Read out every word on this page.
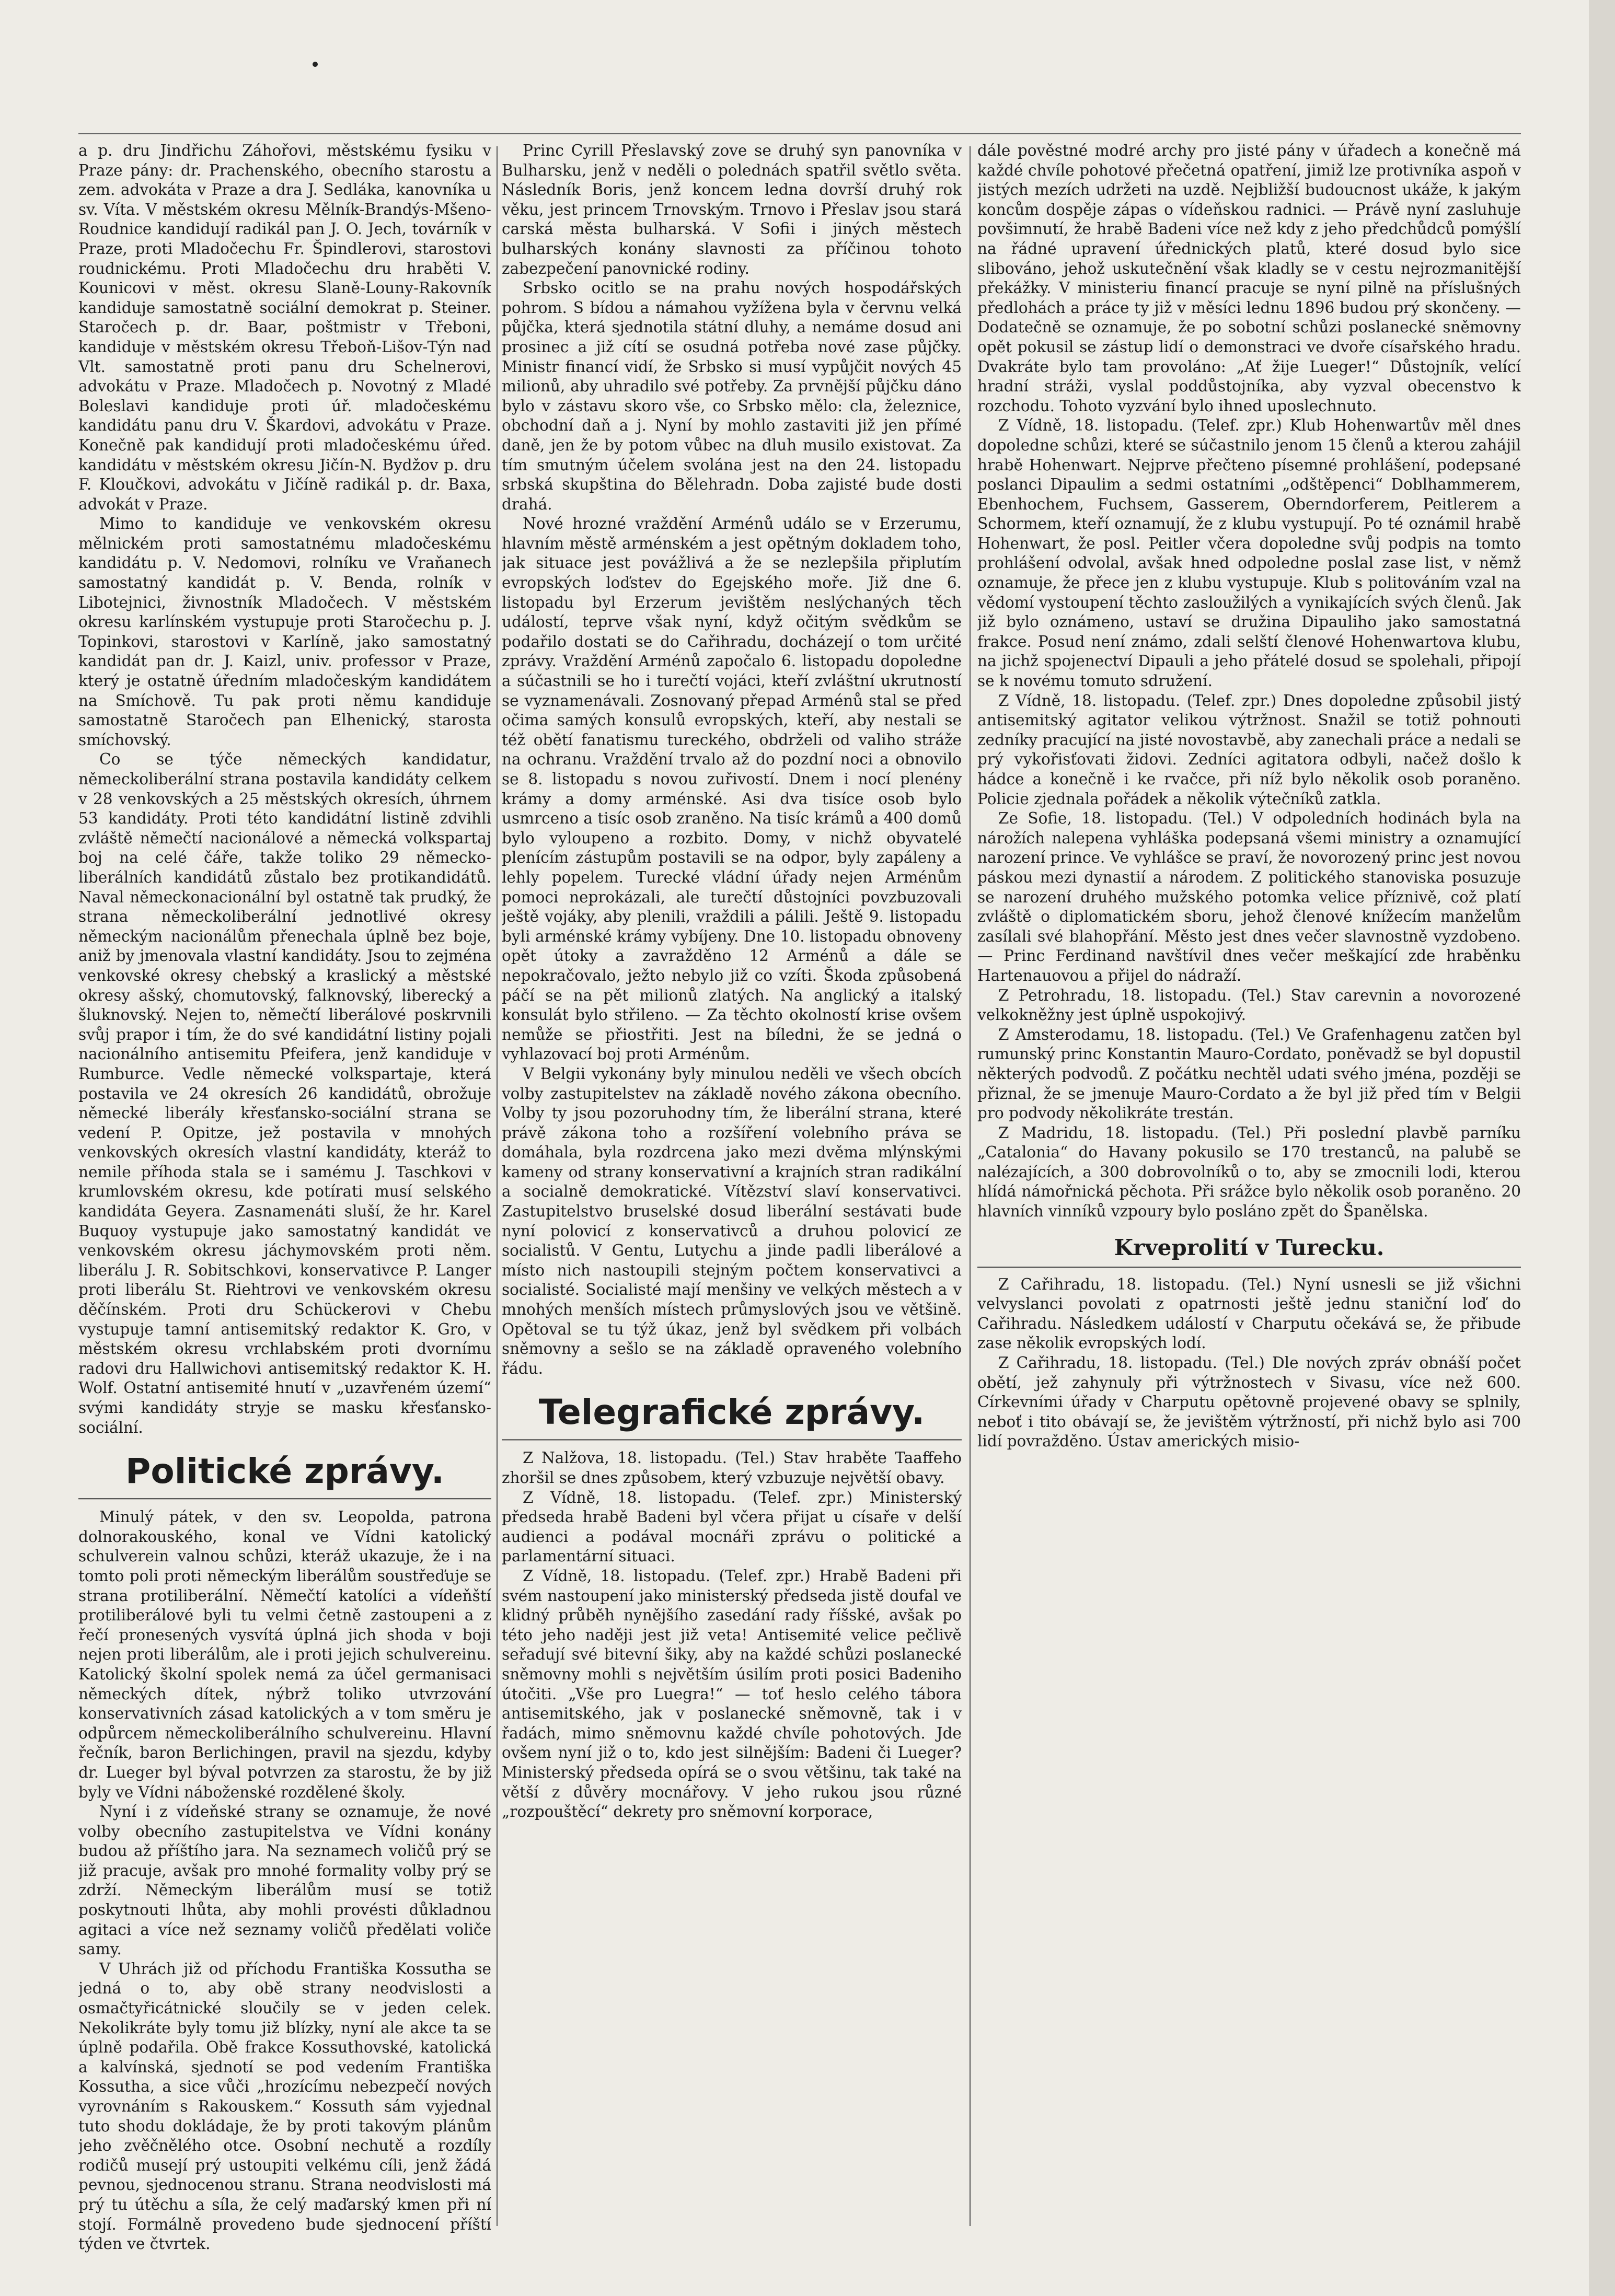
a p. dru Jindřichu Záhořovi, městskému fysiku v Praze pány: dr. Prachenského, obecního starostu a zem. advokáta v Praze a dra J. Sedláka, kanovníka u sv. Víta. V městském okresu Mělník-Brandýs-Mšeno-Roudnice kandidují radikál pan J. O. Jech, továrník v Praze, proti Mladočechu Fr. Špindlerovi, starostovi roudnickému. Proti Mladočechu dru hraběti V. Kounicovi v měst. okresu Slaně-Louny-Rakovník kandiduje samostatně sociální demokrat p. Steiner. Staročech p. dr. Baar, poštmistr v Třeboni, kandiduje v městském okresu Třeboň-Lišov-Týn nad Vlt. samostatně proti panu dru Schelnerovi, advokátu v Praze. Mladočech p. Novotný z Mladé Boleslavi kandiduje proti úř. mladočeskému kandidátu panu dru V. Škardovi, advokátu v Praze. Konečně pak kandidují proti mladočeskému úřed. kandidátu v městském okresu Jičín-N. Bydžov p. dru F. Kloučkovi, advokátu v Jičíně radikál p. dr. Baxa, advokát v Praze.

Mimo to kandiduje ve venkovském okresu mělnickém proti samostatnému mladočeskému kandidátu p. V. Nedomovi, rolníku ve Vraňanech samostatný kandidát p. V. Benda, rolník v Libotejnici, živnostník Mladočech. V městském okresu karlínském vystupuje proti Staročechu p. J. Topinkovi, starostovi v Karlíně, jako samostatný kandidát pan dr. J. Kaizl, univ. professor v Praze, který je ostatně úředním mladočeským kandidátem na Smíchově. Tu pak proti němu kandiduje samostatně Staročech pan Elhenický, starosta smíchovský.

Co se týče německých kandidatur, německoliberální strana postavila kandidáty celkem v 28 venkovských a 25 městských okresích, úhrnem 53 kandidáty. Proti této kandidátní listině zdvihli zvláště němečtí nacionálové a německá volkspartaj boj na celé čáře, takže toliko 29 německo-liberálních kandidátů zůstalo bez protikandidátů. Naval německonacionální byl ostatně tak prudký, že strana německoliberální jednotlivé okresy německým nacionálům přenechala úplně bez boje, aniž by jmenovala vlastní kandidáty. Jsou to zejména venkovské okresy chebský a kraslický a městské okresy ašský, chomutovský, falknovský, liberecký a šluknovský. Nejen to, němečtí liberálové poskrvnili svůj prapor i tím, že do své kandidátní listiny pojali nacionálního antisemitu Pfeifera, jenž kandiduje v Rumburce. Vedle německé volkspartaje, která postavila ve 24 okresích 26 kandidátů, obrožuje německé liberály křesťansko-sociální strana se vedení P. Opitze, jež postavila v mnohých venkovských okresích vlastní kandidáty, kteráž to nemile příhoda stala se i samému J. Taschkovi v krumlovském okresu, kde potírati musí selského kandidáta Geyera. Zasnamenáti sluší, že hr. Karel Buquoy vystupuje jako samostatný kandidát ve venkovském okresu jáchymovském proti něm. liberálu J. R. Sobitschkovi, konservativce P. Langer proti liberálu St. Riehtrovi ve venkovském okresu děčínském. Proti dru Schückerovi v Chebu vystupuje tamní antisemitský redaktor K. Gro, v městském okresu vrchlabském proti dvornímu radovi dru Hallwichovi antisemitský redaktor K. H. Wolf. Ostatní antisemité hnutí v „uzavřeném území“ svými kandidáty stryje se masku křesťansko-sociální.

Politické zprávy.

Minulý pátek, v den sv. Leopolda, patrona dolnorakouského, konal ve Vídni katolický schulverein valnou schůzi, kteráž ukazuje, že i na tomto poli proti německým liberálům soustřeďuje se strana protiliberální. Němečtí katolíci a vídeňští protiliberálové byli tu velmi četně zastoupeni a z řečí pronesených vysvítá úplná jich shoda v boji nejen proti liberálům, ale i proti jejich schulvereinu. Katolický školní spolek nemá za účel germanisaci německých dítek, nýbrž toliko utvrzování konservativních zásad katolických a v tom směru je odpůrcem německoliberálního schulvereinu. Hlavní řečník, baron Berlichingen, pravil na sjezdu, kdyby dr. Lueger byl býval potvrzen za starostu, že by již byly ve Vídni náboženské rozdělené školy.

Nyní i z vídeňské strany se oznamuje, že nové volby obecního zastupitelstva ve Vídni konány budou až příštího jara. Na seznamech voličů prý se již pracuje, avšak pro mnohé formality volby prý se zdrží. Německým liberálům musí se totiž poskytnouti lhůta, aby mohli provésti důkladnou agitaci a více než seznamy voličů předělati voliče samy.

V Uhrách již od příchodu Františka Kossutha se jedná o to, aby obě strany neodvislosti a osmačtyřicátnické sloučily se v jeden celek. Nekolikráte byly tomu již blízky, nyní ale akce ta se úplně podařila. Obě frakce Kossuthovské, katolická a kalvínská, sjednotí se pod vedením Františka Kossutha, a sice vůči „hrozícímu nebezpečí nových vyrovnáním s Rakouskem.“ Kossuth sám vyjednal tuto shodu dokládaje, že by proti takovým plánům jeho zvěčnělého otce. Osobní nechutě a rozdíly rodičů musejí prý ustoupiti velkému cíli, jenž žádá pevnou, sjednocenou stranu. Strana neodvislosti má prý tu útěchu a síla, že celý maďarský kmen při ní stojí. Formálně provedeno bude sjednocení příští týden ve čtvrtek.

Princ Cyrill Přeslavský zove se druhý syn panovníka v Bulharsku, jenž v neděli o polednách spatřil světlo světa. Následník Boris, jenž koncem ledna dovrší druhý rok věku, jest princem Trnovským. Trnovo i Přeslav jsou stará carská města bulharská. V Sofii i jiných městech bulharských konány slavnosti za příčinou tohoto zabezpečení panovnické rodiny.

Srbsko ocitlo se na prahu nových hospodářských pohrom. S bídou a námahou vyžížena byla v červnu velká půjčka, která sjednotila státní dluhy, a nemáme dosud ani prosinec a již cítí se osudná potřeba nové zase půjčky. Ministr financí vidí, že Srbsko si musí vypůjčit nových 45 milionů, aby uhradilo své potřeby. Za prvnější půjčku dáno bylo v zástavu skoro vše, co Srbsko mělo: cla, železnice, obchodní daň a j. Nyní by mohlo zastaviti již jen přímé daně, jen že by potom vůbec na dluh musilo existovat. Za tím smutným účelem svolána jest na den 24. listopadu srbská skupština do Bělehradn. Doba zajisté bude dosti drahá.

Nové hrozné vraždění Arménů událo se v Erzerumu, hlavním městě arménském a jest opětným dokladem toho, jak situace jest povážlivá a že se nezlepšila připlutím evropských loďstev do Egejského moře. Již dne 6. listopadu byl Erzerum jevištěm neslýchaných těch událostí, teprve však nyní, když očitým svědkům se podařilo dostati se do Cařihradu, docházejí o tom určité zprávy. Vraždění Arménů započalo 6. listopadu dopoledne a súčastnili se ho i turečtí vojáci, kteří zvláštní ukrutností se vyznamenávali. Zosnovaný přepad Arménů stal se před očima samých konsulů evropských, kteří, aby nestali se též obětí fanatismu tureckého, obdrželi od valiho stráže na ochranu. Vraždění trvalo až do pozdní noci a obnovilo se 8. listopadu s novou zuřivostí. Dnem i nocí plenény krámy a domy arménské. Asi dva tisíce osob bylo usmrceno a tisíc osob zraněno. Na tisíc krámů a 400 domů bylo vyloupeno a rozbito. Domy, v nichž obyvatelé plenícím zástupům postavili se na odpor, byly zapáleny a lehly popelem. Turecké vládní úřady nejen Arménům pomoci neprokázali, ale turečtí důstojníci povzbuzovali ještě vojáky, aby plenili, vraždili a pálili. Ještě 9. listopadu byli arménské krámy vybíjeny. Dne 10. listopadu obnoveny opět útoky a zavražděno 12 Arménů a dále se nepokračovalo, ježto nebylo již co vzíti. Škoda způsobená páčí se na pět milionů zlatých. Na anglický a italský konsulát bylo střileno. — Za těchto okolností krise ovšem nemůže se přiostřiti. Jest na bíledni, že se jedná o vyhlazovací boj proti Arménům.

V Belgii vykonány byly minulou neděli ve všech obcích volby zastupitelstev na základě nového zákona obecního. Volby ty jsou pozoruhodny tím, že liberální strana, které právě zákona toho a rozšíření volebního práva se domáhala, byla rozdrcena jako mezi dvěma mlýnskými kameny od strany konservativní a krajních stran radikální a socialně demokratické. Vítězství slaví konservativci. Zastupitelstvo bruselské dosud liberální sestávati bude nyní polovicí z konservativců a druhou polovicí ze socialistů. V Gentu, Lutychu a jinde padli liberálové a místo nich nastoupili stejným počtem konservativci a socialisté. Socialisté mají menšiny ve velkých městech a v mnohých menších místech průmyslových jsou ve většině. Opětoval se tu týž úkaz, jenž byl svědkem při volbách sněmovny a sešlo se na základě opraveného volebního řádu.

Telegrafické zprávy.

Z Nalžova, 18. listopadu. (Tel.) Stav hraběte Taaffeho zhoršil se dnes způsobem, který vzbuzuje největší obavy.

Z Vídně, 18. listopadu. (Telef. zpr.) Ministerský předseda hrabě Badeni byl včera přijat u císaře v delší audienci a podával mocnáři zprávu o politické a parlamentární situaci.

Z Vídně, 18. listopadu. (Telef. zpr.) Hrabě Badeni při svém nastoupení jako ministerský předseda jistě doufal ve klidný průběh nynějšího zasedání rady říšské, avšak po této jeho naději jest již veta! Antisemité velice pečlivě seřadují své bitevní šiky, aby na každé schůzi poslanecké sněmovny mohli s největším úsilím proti posici Badeniho útočiti. „Vše pro Luegra!“ — toť heslo celého tábora antisemitského, jak v poslanecké sněmovně, tak i v řadách, mimo sněmovnu každé chvíle pohotových. Jde ovšem nyní již o to, kdo jest silnějším: Badeni či Lueger? Ministerský předseda opírá se o svou většinu, tak také na větší z důvěry mocnářovy. V jeho rukou jsou různé „rozpouštěcí“ dekrety pro sněmovní korporace,

dále pověstné modré archy pro jisté pány v úřadech a konečně má každé chvíle pohotové přečetná opatření, jimiž lze protivníka aspoň v jistých mezích udržeti na uzdě. Nejbližší budoucnost ukáže, k jakým koncům dospěje zápas o vídeňskou radnici. — Právě nyní zasluhuje povšimnutí, že hrabě Badeni více než kdy z jeho předchůdců pomýšlí na řádné upravení úřednických platů, které dosud bylo sice slibováno, jehož uskutečnění však kladly se v cestu nejrozmanitější překážky. V ministeriu financí pracuje se nyní pilně na příslušných předlohách a práce ty již v měsíci lednu 1896 budou prý skončeny. — Dodatečně se oznamuje, že po sobotní schůzi poslanecké sněmovny opět pokusil se zástup lidí o demonstraci ve dvoře císařského hradu. Dvakráte bylo tam provoláno: „Ať žije Lueger!“ Důstojník, velící hradní stráži, vyslal poddůstojníka, aby vyzval obecenstvo k rozchodu. Tohoto vyzvání bylo ihned uposlechnuto.

Z Vídně, 18. listopadu. (Telef. zpr.) Klub Hohenwartův měl dnes dopoledne schůzi, které se súčastnilo jenom 15 členů a kterou zahájil hrabě Hohenwart. Nejprve přečteno písemné prohlášení, podepsané poslanci Dipaulim a sedmi ostatními „odštěpenci“ Doblhammerem, Ebenhochem, Fuchsem, Gasserem, Oberndorferem, Peitlerem a Schormem, kteří oznamují, že z klubu vystupují. Po té oznámil hrabě Hohenwart, že posl. Peitler včera dopoledne svůj podpis na tomto prohlášení odvolal, avšak hned odpoledne poslal zase list, v němž oznamuje, že přece jen z klubu vystupuje. Klub s politováním vzal na vědomí vystoupení těchto zasloužilých a vynikajících svých členů. Jak již bylo oznámeno, ustaví se družina Dipauliho jako samostatná frakce. Posud není známo, zdali selští členové Hohenwartova klubu, na jichž spojenectví Dipauli a jeho přátelé dosud se spolehali, připojí se k novému tomuto sdružení.

Z Vídně, 18. listopadu. (Telef. zpr.) Dnes dopoledne způsobil jistý antisemitský agitator velikou výtržnost. Snažil se totiž pohnouti zedníky pracující na jisté novostavbě, aby zanechali práce a nedali se prý vykořisťovati židovi. Zedníci agitatora odbyli, načež došlo k hádce a konečně i ke rvačce, při níž bylo několik osob poraněno. Policie zjednala pořádek a několik výtečníků zatkla.

Ze Sofie, 18. listopadu. (Tel.) V odpoledních hodinách byla na nárožích nalepena vyhláška podepsaná všemi ministry a oznamující narození prince. Ve vyhlášce se praví, že novorozený princ jest novou páskou mezi dynastií a národem. Z politického stanoviska posuzuje se narození druhého mužského potomka velice příznivě, což platí zvláště o diplomatickém sboru, jehož členové knížecím manželům zasílali své blahopřání. Město jest dnes večer slavnostně vyzdobeno. — Princ Ferdinand navštívil dnes večer meškající zde hraběnku Hartenauovou a přijel do nádraží.

Z Petrohradu, 18. listopadu. (Tel.) Stav carevnin a novorozené velkokněžny jest úplně uspokojivý.

Z Amsterodamu, 18. listopadu. (Tel.) Ve Grafenhagenu zatčen byl rumunský princ Konstantin Mauro-Cordato, poněvadž se byl dopustil některých podvodů. Z počátku nechtěl udati svého jména, později se přiznal, že se jmenuje Mauro-Cordato a že byl již před tím v Belgii pro podvody několikráte trestán.

Z Madridu, 18. listopadu. (Tel.) Při poslední plavbě parníku „Catalonia“ do Havany pokusilo se 170 trestanců, na palubě se nalézajících, a 300 dobrovolníků o to, aby se zmocnili lodi, kterou hlídá námořnická pěchota. Při srážce bylo několik osob poraněno. 20 hlavních vinníků vzpoury bylo posláno zpět do Španělska.

Krveprolití v Turecku.

Z Cařihradu, 18. listopadu. (Tel.) Nyní usnesli se již všichni velvyslanci povolati z opatrnosti ještě jednu staniční loď do Cařihradu. Následkem událostí v Charputu očekává se, že přibude zase několik evropských lodí.

Z Cařihradu, 18. listopadu. (Tel.) Dle nových zpráv obnáší počet obětí, jež zahynuly při výtržnostech v Sivasu, více než 600. Církevními úřady v Charputu opětovně projevené obavy se splnily, neboť i tito obávají se, že jevištěm výtržností, při nichž bylo asi 700 lidí povražděno. Ústav amerických misio-
